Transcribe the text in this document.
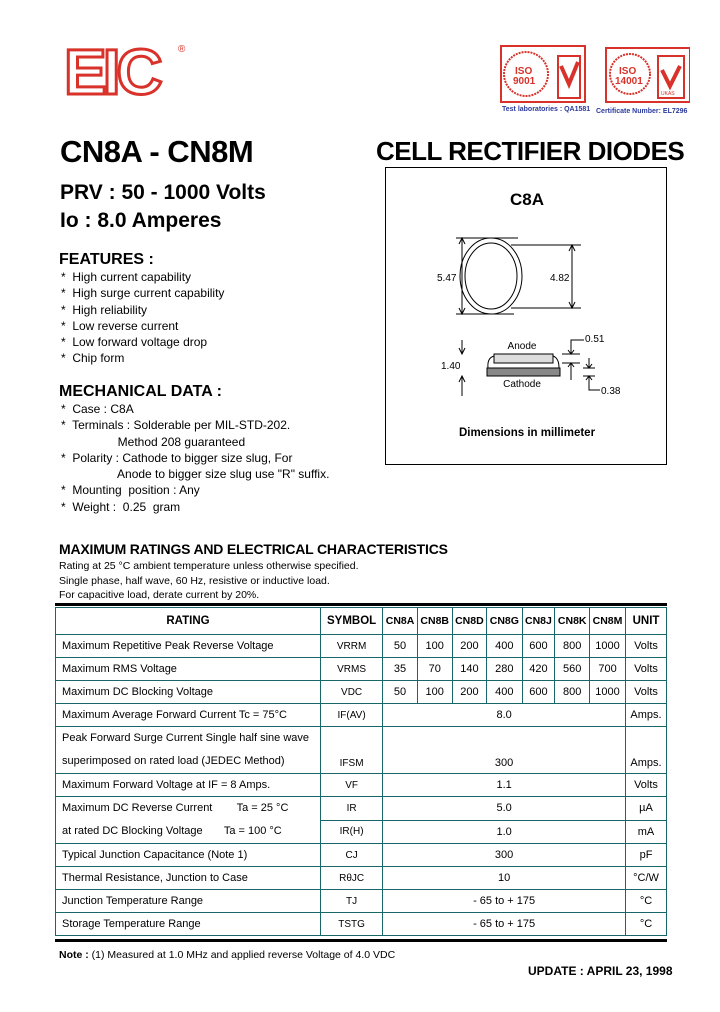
EIC ®
ISO
9001
ISO
14001
UKAS
Test laboratories : QA1581 Certificate Number: EL7296
CN8A - CN8M	CELL RECTIFIER DIODES
PRV : 50 - 1000 Volts
Io : 8.0 Amperes
FEATURES :
*  High current capability
*  High surge current capability
*  High reliability
*  Low reverse current
*  Low forward voltage drop
*  Chip form
MECHANICAL DATA :
*  Case : C8A
*  Terminals : Solderable per MIL-STD-202.
Method 208 guaranteed
*  Polarity : Cathode to bigger size slug, For
Anode to bigger size slug use "R" suffix.
*  Mounting  position : Any
*  Weight :  0.25  gram
C8A
5.47	4.82
Anode
Cathode
1.40
0.51
0.38
Dimensions in millimeter
MAXIMUM RATINGS AND ELECTRICAL CHARACTERISTICS
Rating at 25 °C ambient temperature unless otherwise specified.
Single phase, half wave, 60 Hz, resistive or inductive load.
For capacitive load, derate current by 20%.
RATING	SYMBOL	CN8A	CN8B	CN8D	CN8G	CN8J	CN8K	CN8M	UNIT
Maximum Repetitive Peak Reverse Voltage	VRRM	50	100	200	400	600	800	1000	Volts
Maximum RMS Voltage	VRMS	35	70	140	280	420	560	700	Volts
Maximum DC Blocking Voltage	VDC	50	100	200	400	600	800	1000	Volts
Maximum Average Forward Current Tc = 75°C	IF(AV)	8.0							Amps.

Peak Forward Surge Current Single half sine wave
superimposed on rated load (JEDEC Method)	IFSM	300							Amps.
Maximum Forward Voltage at IF = 8 Amps.	VF	1.1							Volts

Maximum DC Reverse Current        Ta = 25 °C
at rated DC Blocking Voltage       Ta = 100 °C	IR	5.0							µA
	IR(H)	1.0							mA
Typical Junction Capacitance (Note 1)	CJ	300							pF
Thermal Resistance, Junction to Case	RθJC	10							°C/W
Junction Temperature Range	TJ	- 65 to + 175							°C
Storage Temperature Range	TSTG	- 65 to + 175							°C
Note : (1) Measured at 1.0 MHz and applied reverse Voltage of 4.0 VDC
UPDATE : APRIL 23, 1998
